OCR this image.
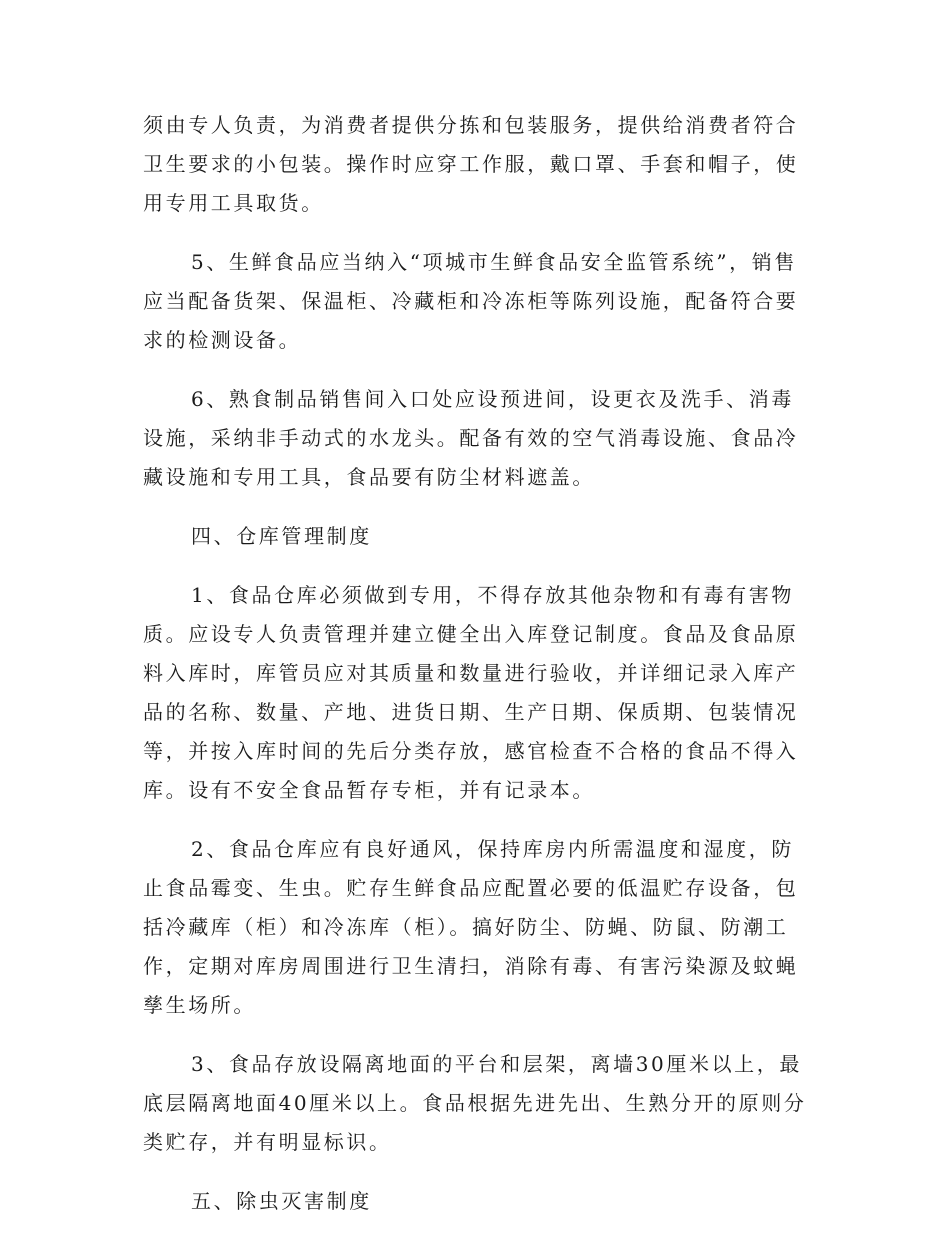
须由专人负责，为消费者提供分拣和包装服务，提供给消费者符合卫生要求的小包装。操作时应穿工作服，戴口罩、手套和帽子，使用专用工具取货。

5、生鲜食品应当纳入“项城市生鲜食品安全监管系统”，销售应当配备货架、保温柜、冷藏柜和冷冻柜等陈列设施，配备符合要求的检测设备。

6、熟食制品销售间入口处应设预进间，设更衣及洗手、消毒设施，采纳非手动式的水龙头。配备有效的空气消毒设施、食品冷藏设施和专用工具，食品要有防尘材料遮盖。

四、仓库管理制度

1、食品仓库必须做到专用，不得存放其他杂物和有毒有害物质。应设专人负责管理并建立健全出入库登记制度。食品及食品原料入库时，库管员应对其质量和数量进行验收，并详细记录入库产品的名称、数量、产地、进货日期、生产日期、保质期、包装情况等，并按入库时间的先后分类存放，感官检查不合格的食品不得入库。设有不安全食品暂存专柜，并有记录本。

2、食品仓库应有良好通风，保持库房内所需温度和湿度，防止食品霉变、生虫。贮存生鲜食品应配置必要的低温贮存设备，包括冷藏库（柜）和冷冻库（柜）。搞好防尘、防蝇、防鼠、防潮工作，定期对库房周围进行卫生清扫，消除有毒、有害污染源及蚊蝇孳生场所。

3、食品存放设隔离地面的平台和层架，离墙30厘米以上，最底层隔离地面40厘米以上。食品根据先进先出、生熟分开的原则分类贮存，并有明显标识。

五、除虫灭害制度
